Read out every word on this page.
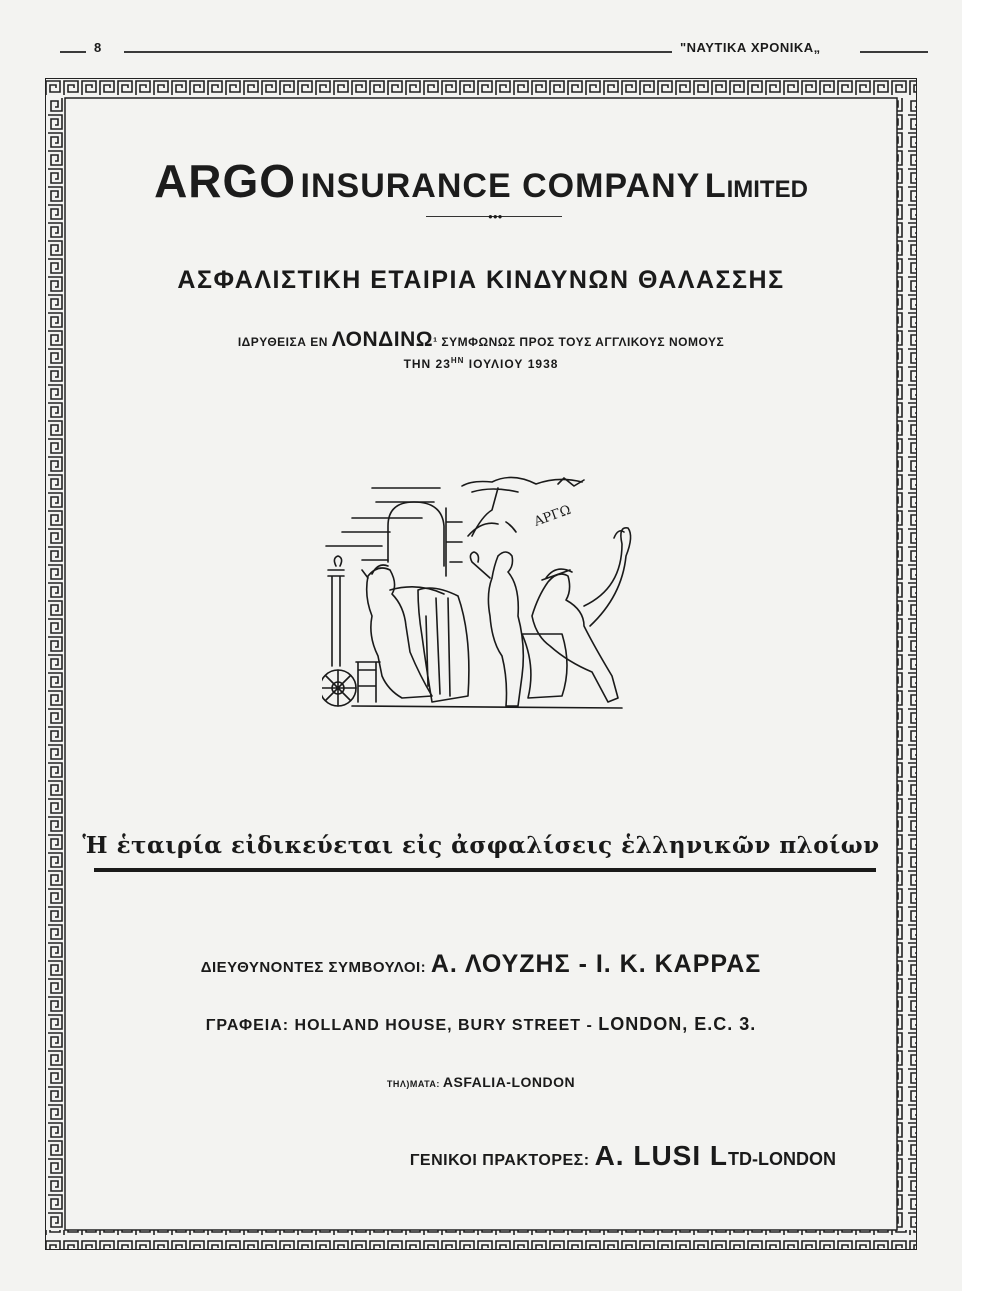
8	"ΝΑΥΤΙΚΑ ΧΡΟΝΙΚΑ„
ARGO INSURANCE COMPANY LIMITED
●●●
ΑΣΦΑΛΙΣΤΙΚΗ ΕΤΑΙΡΙΑ ΚΙΝΔΥΝΩΝ ΘΑΛΑΣΣΗΣ
ΙΔΡΥΘΕΙΣΑ ΕΝ ΛΟΝΔΙΝΩ¹ ΣΥΜΦΩΝΩΣ ΠΡΟΣ ΤΟΥΣ ΑΓΓΛΙΚΟΥΣ ΝΟΜΟΥΣ
ΤΗΝ $23^{HN}$ ΙΟΥΛΙΟΥ 1938
ΑΡΓΩ
Ἡ ἑταιρία εἰδικεύεται εἰς ἀσφαλίσεις ἑλληνικῶν πλοίων
ΔΙΕΥΘΥΝΟΝΤΕΣ ΣΥΜΒΟΥΛΟΙ: Α. ΛΟΥΖΗΣ - Ι. Κ. ΚΑΡΡΑΣ
ΓΡΑΦΕΙΑ: HOLLAND HOUSE, BURY STREET - LONDON, E.C. 3.
ΤΗΛ)ΜΑΤΑ: ASFALIA-LONDON
ΓΕΝΙΚΟΙ ΠΡΑΚΤΟΡΕΣ: A. LUSI LTD-LONDON
